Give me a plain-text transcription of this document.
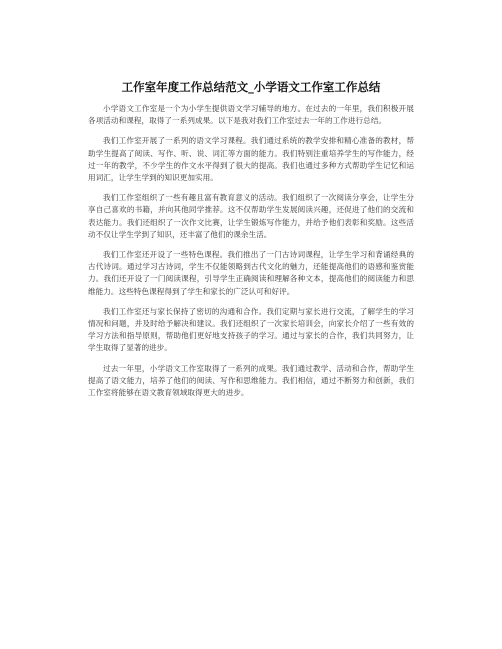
工作室年度工作总结范文_小学语文工作室工作总结

小学语文工作室是一个为小学生提供语文学习辅导的地方。在过去的一年里，我们积极开展各项活动和课程，取得了一系列成果。以下是我对我们工作室过去一年的工作进行总结。

我们工作室开展了一系列的语文学习课程。我们通过系统的教学安排和精心准备的教材，帮助学生提高了阅读、写作、听、说、词汇等方面的能力。我们特别注重培养学生的写作能力，经过一年的教学，不少学生的作文水平得到了很大的提高。我们也通过多种方式帮助学生记忆和运用词汇，让学生学到的知识更加实用。

我们工作室组织了一些有趣且富有教育意义的活动。我们组织了一次阅读分享会，让学生分享自己喜欢的书籍，并向其他同学推荐。这不仅帮助学生发展阅读兴趣，还促进了他们的交流和表达能力。我们还组织了一次作文比赛，让学生锻炼写作能力，并给予他们表彰和奖励。这些活动不仅让学生学到了知识，还丰富了他们的课余生活。

我们工作室还开设了一些特色课程。我们推出了一门古诗词课程，让学生学习和背诵经典的古代诗词。通过学习古诗词，学生不仅能领略到古代文化的魅力，还能提高他们的语感和鉴赏能力。我们还开设了一门阅读课程，引导学生正确阅读和理解各种文本，提高他们的阅读能力和思维能力。这些特色课程得到了学生和家长的广泛认可和好评。

我们工作室还与家长保持了密切的沟通和合作。我们定期与家长进行交流，了解学生的学习情况和问题，并及时给予解决和建议。我们还组织了一次家长培训会，向家长介绍了一些有效的学习方法和指导原则，帮助他们更好地支持孩子的学习。通过与家长的合作，我们共同努力，让学生取得了显著的进步。

过去一年里，小学语文工作室取得了一系列的成果。我们通过教学、活动和合作，帮助学生提高了语文能力，培养了他们的阅读、写作和思维能力。我们相信，通过不断努力和创新，我们工作室将能够在语文教育领域取得更大的进步。
